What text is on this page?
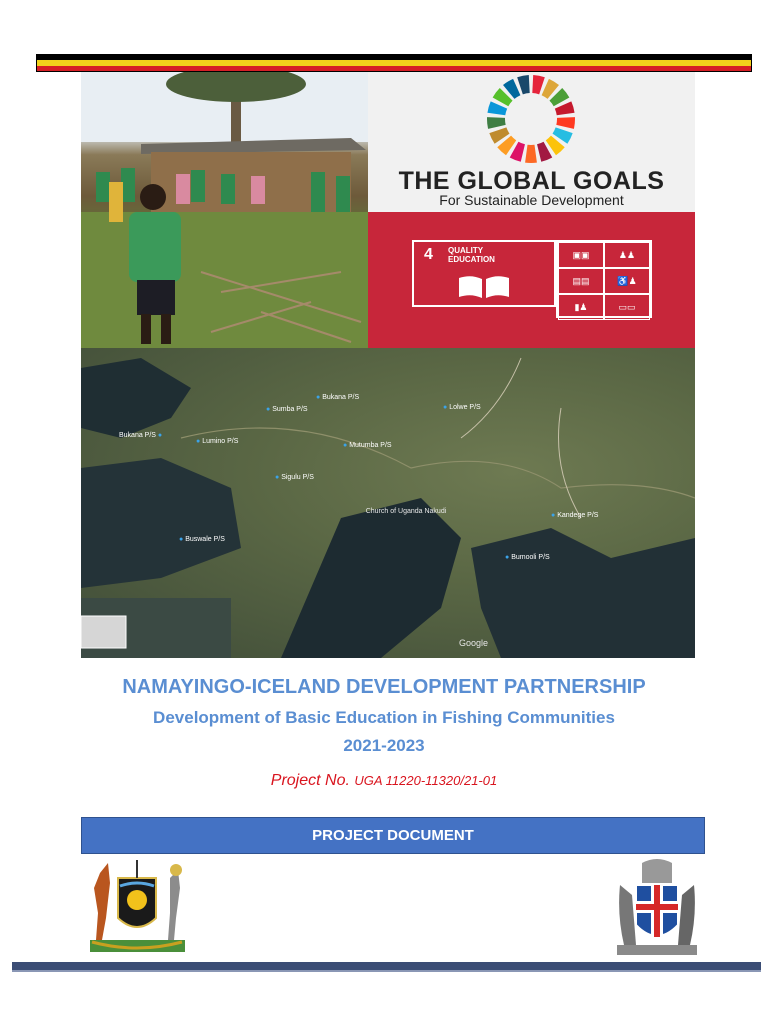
THE GLOBAL GOALS
For Sustainable Development
4 QUALITY
EDUCATION	▣▣	♟♟
▤▤	♿♟
▮♟	▭▭
● Bukana P/S
● Sumba P/S	● Lolwe P/S
Bukana P/S ●
● Lumino P/S
● Mutumba P/S
● Sigulu P/S
● Kandege P/S
● Buswale P/S
Church of Uganda Nakudi
● Bumooli P/S
Google
NAMAYINGO-ICELAND DEVELOPMENT PARTNERSHIP
Development of Basic Education in Fishing Communities
2021-2023
Project No. UGA 11220-11320/21-01
PROJECT DOCUMENT
